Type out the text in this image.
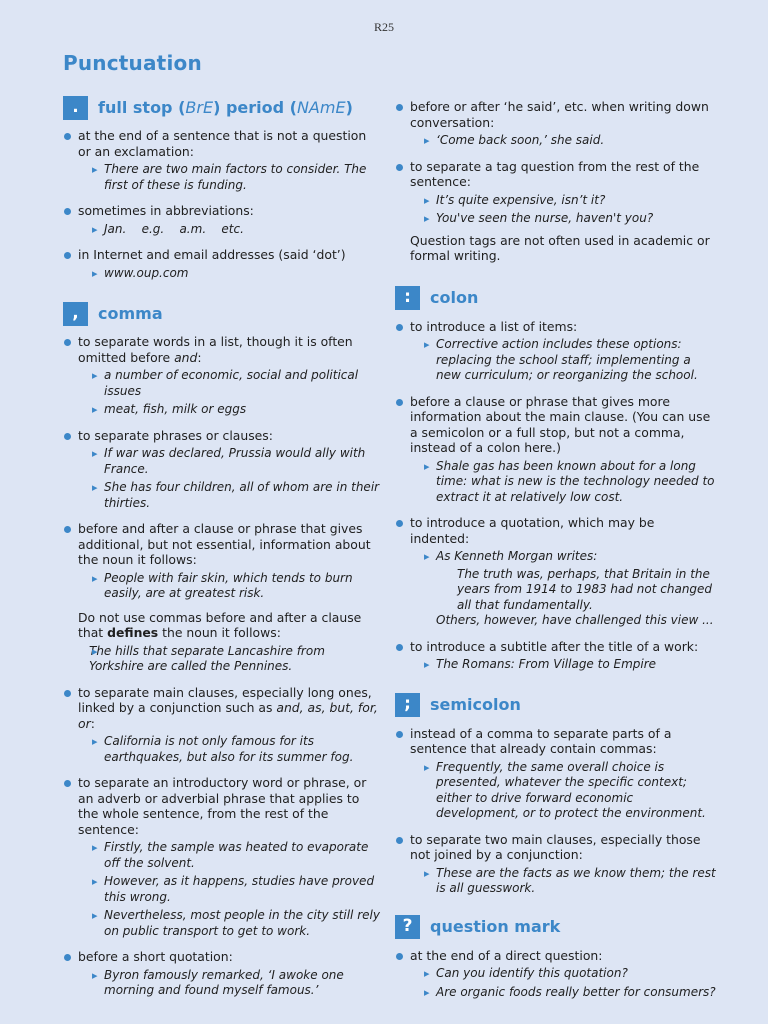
R25
Punctuation
.	full stop (BrE) period (NAmE)
at the end of a sentence that is not a question or an exclamation:
▸ There are two main factors to consider. The first of these is funding.
sometimes in abbreviations:
▸ Jan.    e.g.    a.m.    etc.
in Internet and email addresses (said ‘dot’)
▸ www.oup.com
,	comma
to separate words in a list, though it is often omitted before and:
▸ a number of economic, social and political issues
▸ meat, fish, milk or eggs
to separate phrases or clauses:
▸ If war was declared, Prussia would ally with France.
▸ She has four children, all of whom are in their thirties.
before and after a clause or phrase that gives additional, but not essential, information about the noun it follows:
▸ People with fair skin, which tends to burn easily, are at greatest risk.
Do not use commas before and after a clause that defines the noun it follows:
▸ The hills that separate Lancashire from Yorkshire are called the Pennines.
to separate main clauses, especially long ones, linked by a conjunction such as and, as, but, for, or:
▸ California is not only famous for its earthquakes, but also for its summer fog.
to separate an introductory word or phrase, or an adverb or adverbial phrase that applies to the whole sentence, from the rest of the sentence:
▸ Firstly, the sample was heated to evaporate off the solvent.
▸ However, as it happens, studies have proved this wrong.
▸ Nevertheless, most people in the city still rely on public transport to get to work.
before a short quotation:
▸ Byron famously remarked, ‘I awoke one morning and found myself famous.’
before or after ‘he said’, etc. when writing down conversation:
▸ ‘Come back soon,’ she said.
to separate a tag question from the rest of the sentence:
▸ It’s quite expensive, isn’t it?
▸ You've seen the nurse, haven't you?
Question tags are not often used in academic or formal writing.
:	colon
to introduce a list of items:
▸ Corrective action includes these options: replacing the school staff; implementing a new curriculum; or reorganizing the school.
before a clause or phrase that gives more information about the main clause. (You can use a semicolon or a full stop, but not a comma, instead of a colon here.)
▸ Shale gas has been known about for a long time: what is new is the technology needed to extract it at relatively low cost.
to introduce a quotation, which may be indented:
▸ As Kenneth Morgan writes:
The truth was, perhaps, that Britain in the years from 1914 to 1983 had not changed all that fundamentally.
Others, however, have challenged this view ...
to introduce a subtitle after the title of a work:
▸ The Romans: From Village to Empire
;	semicolon
instead of a comma to separate parts of a sentence that already contain commas:
▸ Frequently, the same overall choice is presented, whatever the specific context; either to drive forward economic development, or to protect the environment.
to separate two main clauses, especially those not joined by a conjunction:
▸ These are the facts as we know them; the rest is all guesswork.
?	question mark
at the end of a direct question:
▸ Can you identify this quotation?
▸ Are organic foods really better for consumers?
